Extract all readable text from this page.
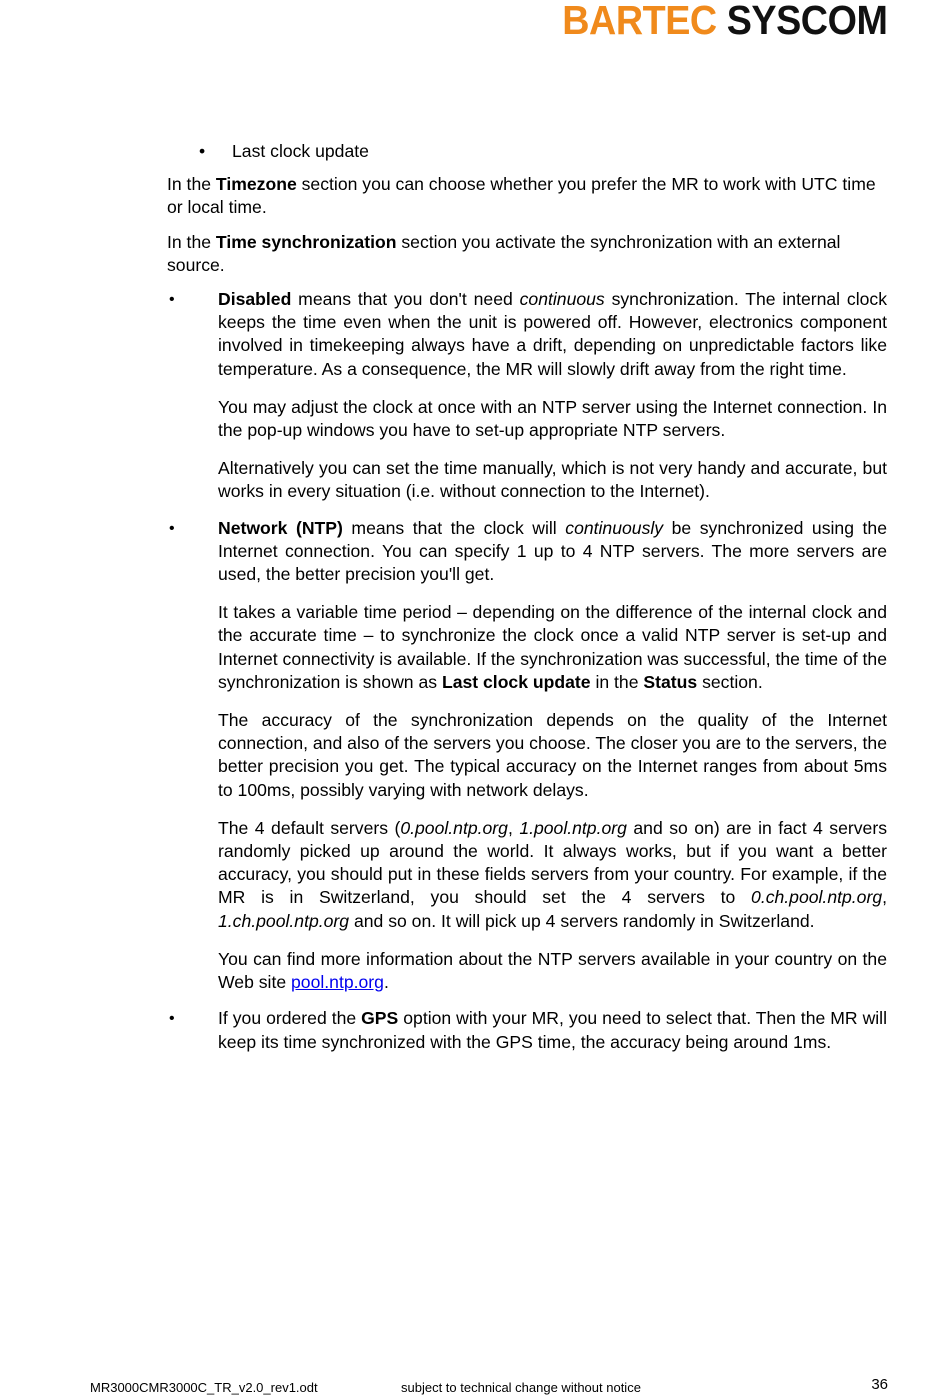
BARTEC SYSCOM

• Last clock update

In the Timezone section you can choose whether you prefer the MR to work with UTC time or local time.

In the Time synchronization section you activate the synchronization with an external source.

• Disabled means that you don't need continuous synchronization. The internal clock keeps the time even when the unit is powered off. However, electronics component involved in timekeeping always have a drift, depending on unpredictable factors like temperature. As a consequence, the MR will slowly drift away from the right time.

You may adjust the clock at once with an NTP server using the Internet connection. In the pop-up windows you have to set-up appropriate NTP servers.

Alternatively you can set the time manually, which is not very handy and accurate, but works in every situation (i.e. without connection to the Internet).

• Network (NTP) means that the clock will continuously be synchronized using the Internet connection. You can specify 1 up to 4 NTP servers. The more servers are used, the better precision you'll get.

It takes a variable time period – depending on the difference of the internal clock and the accurate time – to synchronize the clock once a valid NTP server is set-up and Internet connectivity is available. If the synchronization was successful, the time of the synchronization is shown as Last clock update in the Status section.

The accuracy of the synchronization depends on the quality of the Internet connection, and also of the servers you choose. The closer you are to the servers, the better precision you get. The typical accuracy on the Internet ranges from about 5ms to 100ms, possibly varying with network delays.

The 4 default servers (0.pool.ntp.org, 1.pool.ntp.org and so on) are in fact 4 servers randomly picked up around the world. It always works, but if you want a better accuracy, you should put in these fields servers from your country. For example, if the MR is in Switzerland, you should set the 4 servers to 0.ch.pool.ntp.org, 1.ch.pool.ntp.org and so on. It will pick up 4 servers randomly in Switzerland.

You can find more information about the NTP servers available in your country on the Web site pool.ntp.org.

• If you ordered the GPS option with your MR, you need to select that. Then the MR will keep its time synchronized with the GPS time, the accuracy being around 1ms.

MR3000CMR3000C_TR_v2.0_rev1.odt	subject to technical change without notice	36
